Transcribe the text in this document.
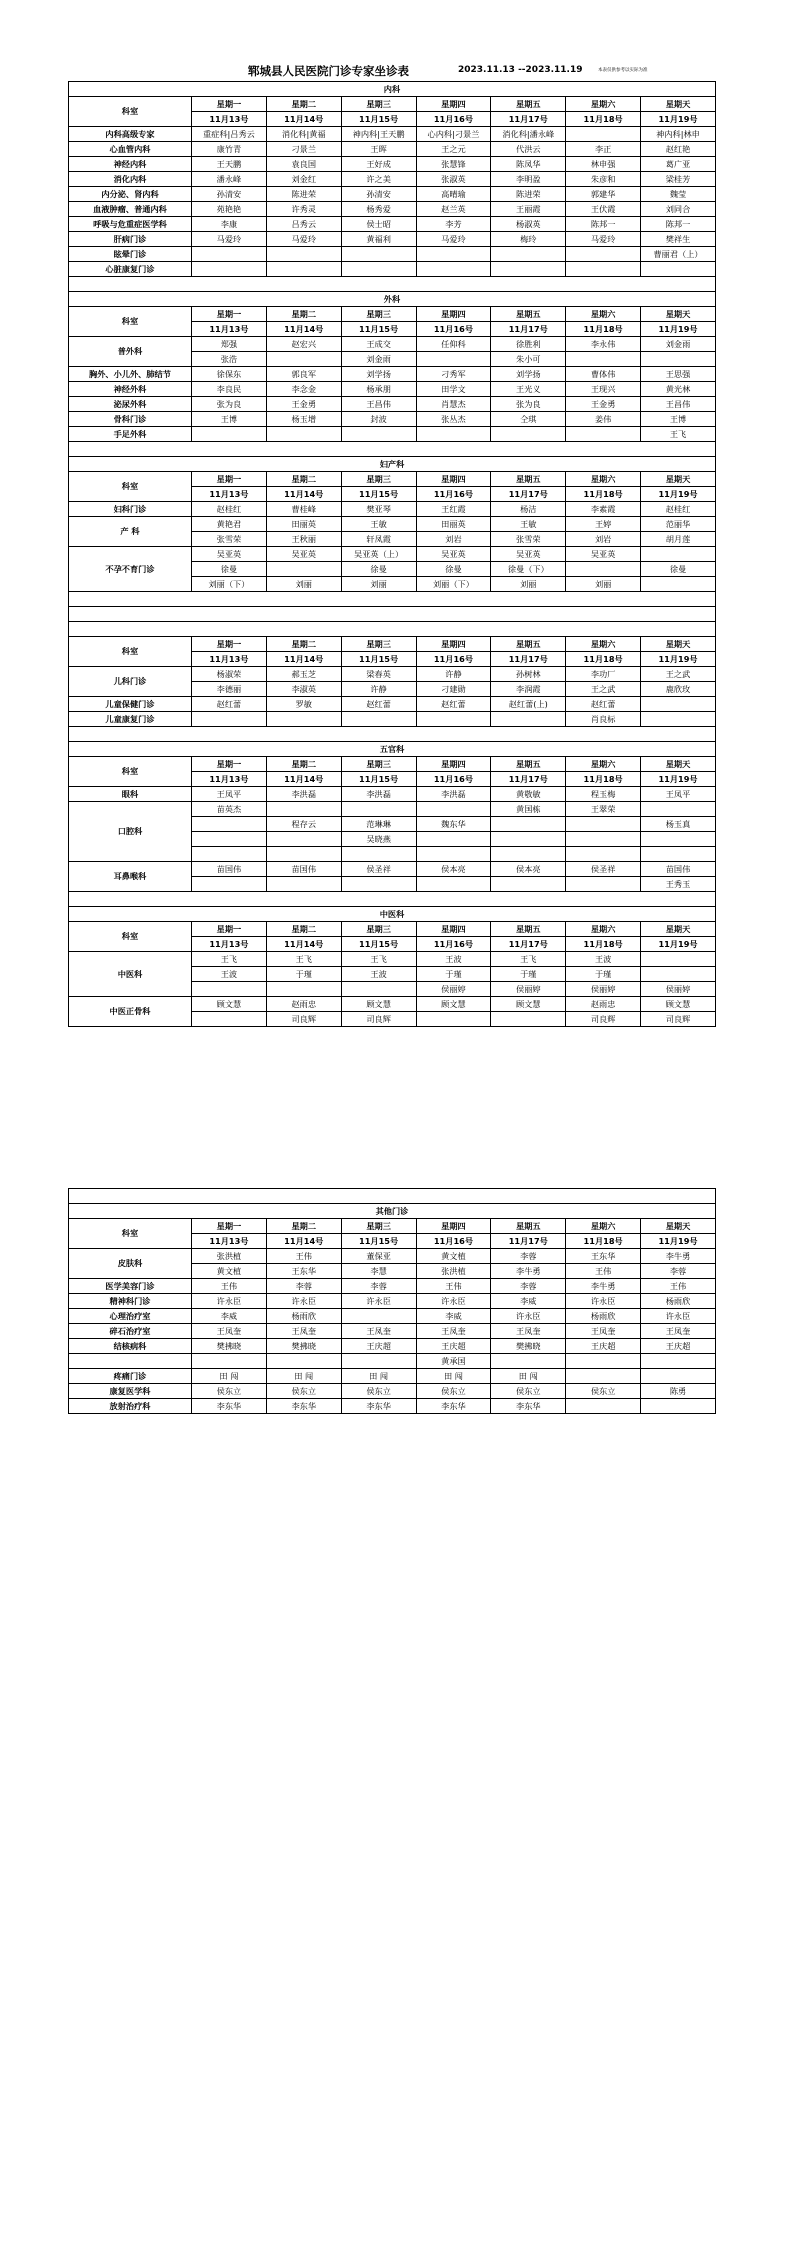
郓城县人民医院门诊专家坐诊表	2023.11.13 --2023.11.19	本表仅供参考以实际为准
内科							
科室	星期一	星期二	星期三	星期四	星期五	星期六	星期天
	11月13号	11月14号	11月15号	11月16号	11月17号	11月18号	11月19号
内科高级专家	重症科|吕秀云	消化科|黄福	神内科|王天鹏	心内科|刁景兰	消化科|潘永峰		神内科|林申
心血管内科	康竹青	刁景兰	王晖	王之元	代洪云	李正	赵红艳
神经内科	王天鹏	袁良国	王好成	张慧锋	陈凤华	林申强	葛广亚
消化内科	潘永峰	刘金红	许之美	张淑英	李明盈	朱彦和	梁桂芳
内分泌、肾内科	孙清安	陈进荣	孙清安	高晴瑜	陈进荣	郭建华	魏莹
血液肿瘤、普通内科	苑艳艳	许秀灵	杨秀爱	赵兰英	王丽霞	王伏霞	刘同合
呼吸与危重症医学科	李康	吕秀云	侯士昭	李芳	杨淑英	陈邦一	陈邦一
肝病门诊	马爱玲	马爱玲	黄福利	马爱玲	梅玲	马爱玲	樊祥生
眩晕门诊							曹丽君（上）
心脏康复门诊							

外科							
科室	星期一	星期二	星期三	星期四	星期五	星期六	星期天
	11月13号	11月14号	11月15号	11月16号	11月17号	11月18号	11月19号
普外科	郑强	赵宏兴	王成交	任仰科	徐胜利	李永伟	刘金雨
	张浩		刘金雨		朱小可		
胸外、小儿外、肺结节	徐保东	郭良军	刘学扬	刁秀军	刘学扬	曹体伟	王思强
神经外科	李良民	李念金	杨承朋	田学文	王光义	王现兴	黄光林
泌尿外科	张为良	王金勇	王昌伟	肖慧杰	张为良	王金勇	王昌伟
骨科门诊	王博	杨玉增	封波	张丛杰	仝琪	姜伟	王博
手足外科							王飞

妇产科							
科室	星期一	星期二	星期三	星期四	星期五	星期六	星期天
	11月13号	11月14号	11月15号	11月16号	11月17号	11月18号	11月19号
妇科门诊	赵桂红	曹桂峰	樊亚琴	王红霞	杨洁	李素霞	赵桂红
产 科	黄艳君	田丽英	王敏	田丽英	王敏	王婷	范丽华
	张雪荣	王秋丽	轩凤霞	刘岩	张雪荣	刘岩	胡月莲
不孕不育门诊	吴亚英	吴亚英	吴亚英（上）	吴亚英	吴亚英	吴亚英	
	徐曼		徐曼	徐曼	徐曼（下）		徐曼
	刘丽（下）	刘丽	刘丽	刘丽（下）	刘丽	刘丽	

科室	星期一	星期二	星期三	星期四	星期五	星期六	星期天
	11月13号	11月14号	11月15号	11月16号	11月17号	11月18号	11月19号
儿科门诊	杨淑荣	郝玉芝	梁春英	许静	孙树林	李功厂	王之武
	李德丽	李淑英	许静	刁建勋	李润霞	王之武	鹿欣玫
儿童保健门诊	赵红蕾	罗敏	赵红蕾	赵红蕾	赵红蕾(上)	赵红蕾	
儿童康复门诊						肖良标	

五官科							
科室	星期一	星期二	星期三	星期四	星期五	星期六	星期天
	11月13号	11月14号	11月15号	11月16号	11月17号	11月18号	11月19号
眼科	王凤平	李洪磊	李洪磊	李洪磊	黄敬敏	程玉梅	王凤平
口腔科	苗英杰				黄国栋	王翠荣	
		程存云	范琳琳	魏东华			杨玉真
			吴晓燕				

耳鼻喉科	苗国伟	苗国伟	侯圣祥	侯本亮	侯本亮	侯圣祥	苗国伟
							王秀玉

中医科							
科室	星期一	星期二	星期三	星期四	星期五	星期六	星期天
	11月13号	11月14号	11月15号	11月16号	11月17号	11月18号	11月19号
中医科	王飞	王飞	王飞	王波	王飞	王波	
	王波	于瑾	王波	于瑾	于瑾	于瑾	
				侯丽婷	侯丽婷	侯丽婷	侯丽婷
中医正骨科	顾文慧	赵雨忠	顾文慧	顾文慧	顾文慧	赵雨忠	顾文慧
		司良辉	司良辉			司良辉	司良辉

其他门诊							
科室	星期一	星期二	星期三	星期四	星期五	星期六	星期天
	11月13号	11月14号	11月15号	11月16号	11月17号	11月18号	11月19号
皮肤科	张洪植	王伟	董保亚	黄文植	李蓉	王东华	李牛勇
	黄文植	王东华	李慧	张洪植	李牛勇	王伟	李蓉
医学美容门诊	王伟	李蓉	李蓉	王伟	李蓉	李牛勇	王伟
精神科门诊	许永臣	许永臣	许永臣	许永臣	李威	许永臣	杨雨欣
心理治疗室	李威	杨雨欣		李威	许永臣	杨雨欣	许永臣
碎石治疗室	王凤奎	王凤奎	王凤奎	王凤奎	王凤奎	王凤奎	王凤奎
结核病科	樊拂晓	樊拂晓	王庆超	王庆超	樊拂晓	王庆超	王庆超
				黄承国			
疼痛门诊	田 闯	田 闯	田 闯	田 闯	田 闯		
康复医学科	侯东立	侯东立	侯东立	侯东立	侯东立	侯东立	陈勇
放射治疗科	李东华	李东华	李东华	李东华	李东华		
